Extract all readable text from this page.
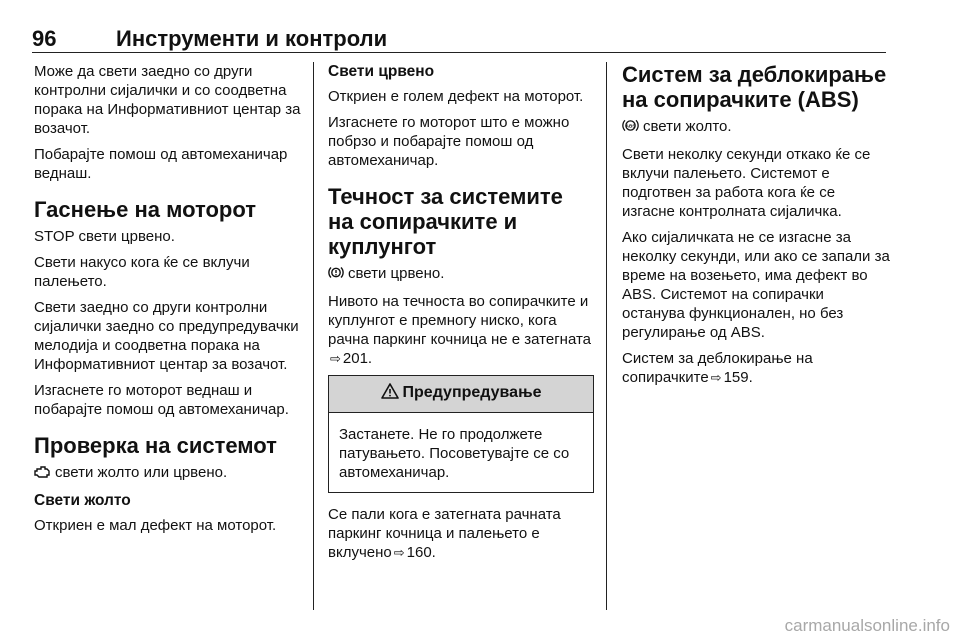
96	Инструменти и контроли

Може да свети заедно со други контролни сијалички и со соодветна порака на Информативниот центар за возачот.

Побарајте помош од автомеханичар веднаш.

Гаснење на моторот

STOP свети црвено.

Свети накусо кога ќе се вклучи палењето.

Свети заедно со други контролни сијалички заедно со предупредувачки мелодија и соодветна порака на Информативниот центар за возачот.

Изгаснете го моторот веднаш и побарајте помош од автомеханичар.

Проверка на системот

свети жолто или црвено.

Свети жолто

Откриен е мал дефект на моторот.

Свети црвено

Откриен е голем дефект на моторот.

Изгаснете го моторот што е можно побрзо и побарајте помош од автомеханичар.

Течност за системите на сопирачките и куплунгот

свети црвено.

Нивото на течноста во сопирачките и куплунгот е премногу ниско, кога рачна паркинг кочница не е затегната⇨ 201.

Предупредување

Застанете. Не го продолжете патувањето. Посоветувајте се со автомеханичар.

Се пали кога е затегната рачната паркинг кочница и палењето е вклучено ⇨ 160.

Систем за деблокирање на сопирачките (ABS)

ABS свети жолто.

Свети неколку секунди откако ќе се вклучи палењето. Системот е подготвен за работа кога ќе се изгасне контролната сијаличка.

Ако сијаличката не се изгасне за неколку секунди, или ако се запали за време на возењето, има дефект во ABS. Системот на сопирачки останува функционален, но без регулирање од ABS.

Систем за деблокирање на сопирачките ⇨ 159.

carmanualsonline.info
